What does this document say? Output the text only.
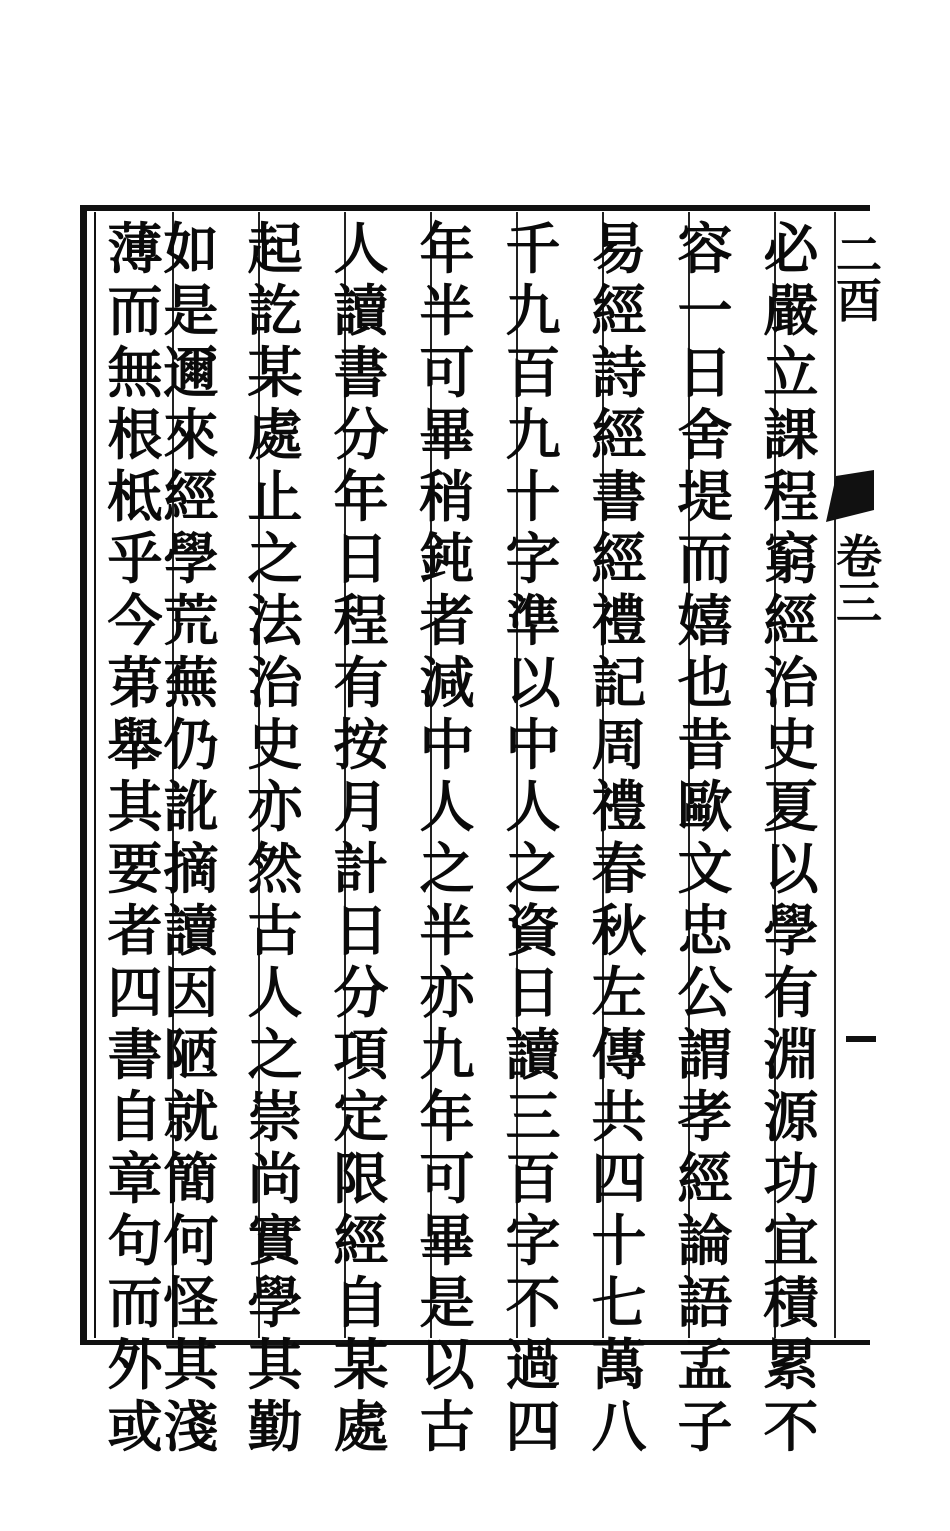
必
嚴
立
課
程
窮
經
治
史
夏
以
學
有
淵
源
功
宜
積
累
不
容
一
日
舍
堤
而
嬉
也
昔
歐
文
忠
公
謂
孝
經
論
語
孟
子
易
經
詩
經
書
經
禮
記
周
禮
春
秋
左
傳
共
四
十
七
萬
八
千
九
百
九
十
字
準
以
中
人
之
資
日
讀
三
百
字
不
過
四
年
半
可
畢
稍
鈍
者
減
中
人
之
半
亦
九
年
可
畢
是
以
古
人
讀
書
分
年
日
程
有
按
月
計
日
分
項
定
限
經
自
某
處
起
訖
某
處
止
之
法
治
史
亦
然
古
人
之
崇
尚
實
學
其
勤
如
是
邇
來
經
學
荒
蕪
仍
訛
摘
讀
因
陋
就
簡
何
怪
其
淺
薄
而
無
根
柢
乎
今
苐
舉
其
要
者
四
書
自
章
句
而
外
或
二酉
卷三
